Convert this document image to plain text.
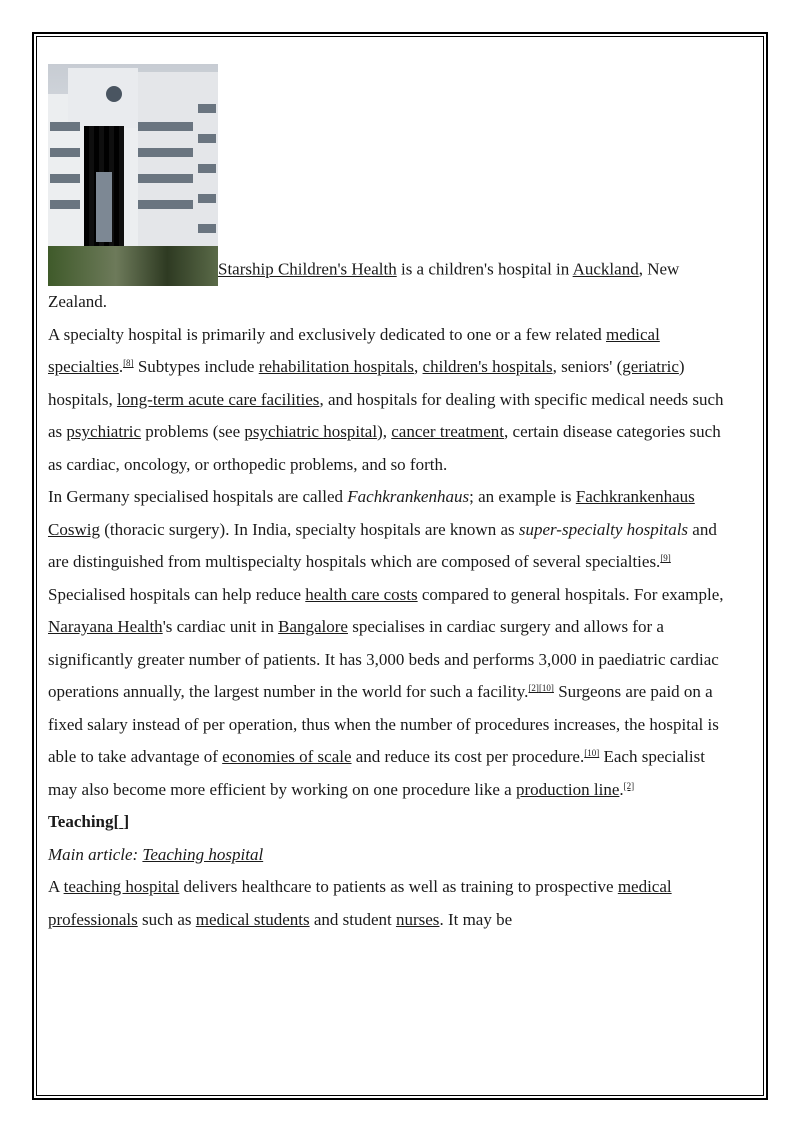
Starship Children's Health is a children's hospital in Auckland, New Zealand.

A specialty hospital is primarily and exclusively dedicated to one or a few related medical specialties.[8] Subtypes include rehabilitation hospitals, children's hospitals, seniors' (geriatric) hospitals, long-term acute care facilities, and hospitals for dealing with specific medical needs such as psychiatric problems (see psychiatric hospital), cancer treatment, certain disease categories such as cardiac, oncology, or orthopedic problems, and so forth.

In Germany specialised hospitals are called Fachkrankenhaus; an example is Fachkrankenhaus Coswig (thoracic surgery). In India, specialty hospitals are known as super-specialty hospitals and are distinguished from multispecialty hospitals which are composed of several specialties.[9]

Specialised hospitals can help reduce health care costs compared to general hospitals. For example, Narayana Health's cardiac unit in Bangalore specialises in cardiac surgery and allows for a significantly greater number of patients. It has 3,000 beds and performs 3,000 in paediatric cardiac operations annually, the largest number in the world for such a facility.[2][10] Surgeons are paid on a fixed salary instead of per operation, thus when the number of procedures increases, the hospital is able to take advantage of economies of scale and reduce its cost per procedure.[10] Each specialist may also become more efficient by working on one procedure like a production line.[2]

Teaching[ ]

Main article: Teaching hospital

A teaching hospital delivers healthcare to patients as well as training to prospective medical professionals such as medical students and student nurses. It may be
